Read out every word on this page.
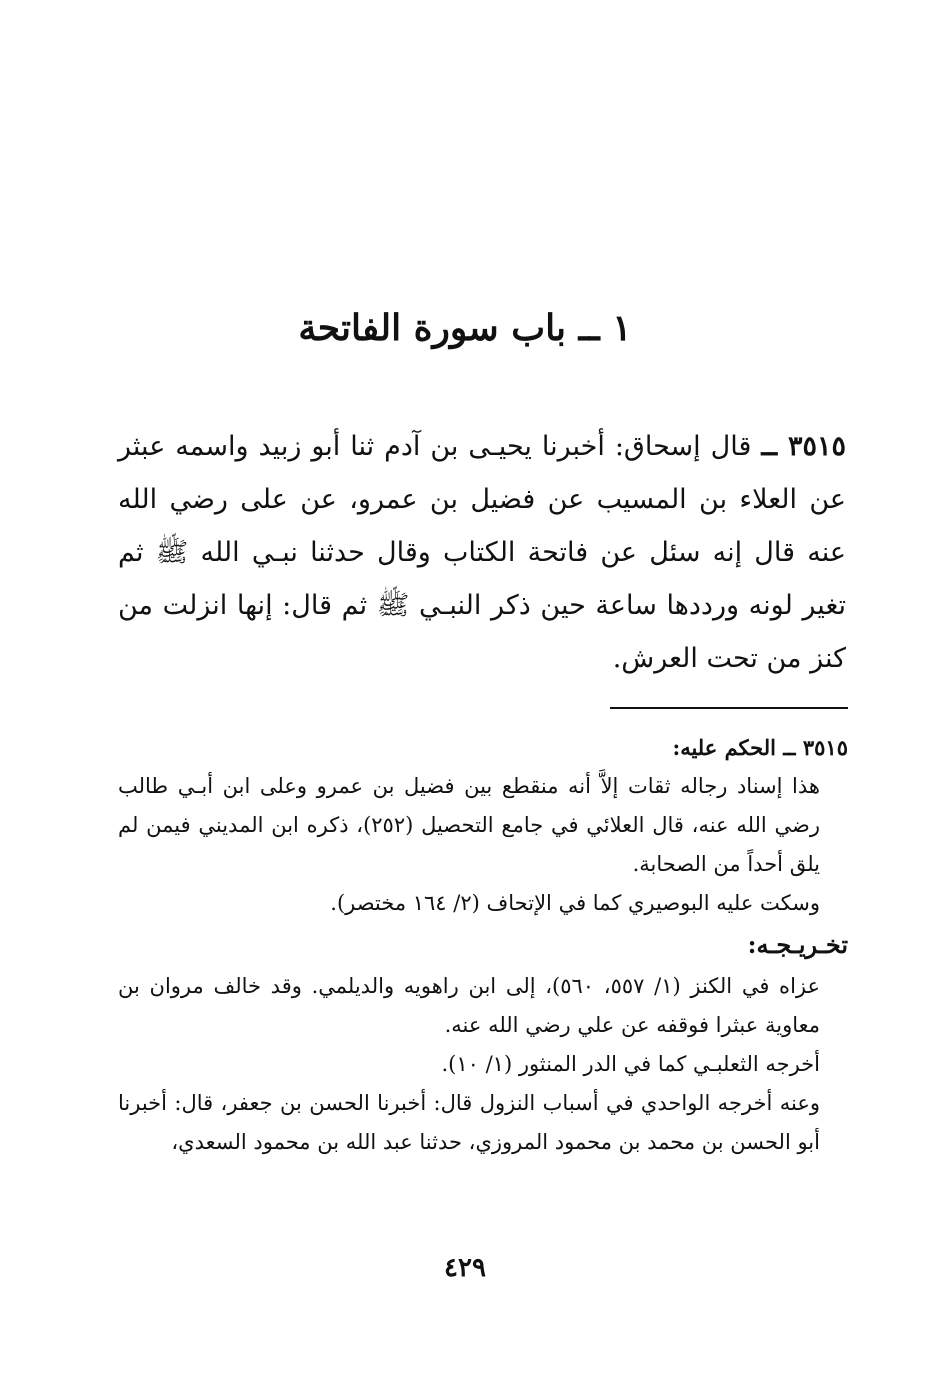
١ ــ باب سورة الفاتحة

٣٥١٥ ــ قال إسحاق: أخبرنا يحيـى بن آدم ثنا أبو زبيد واسمه عبثر عن العلاء بن المسيب عن فضيل بن عمرو، عن على رضي الله عنه قال إنه سئل عن فاتحة الكتاب وقال حدثنا نبـي الله ﷺ ثم تغير لونه ورددها ساعة حين ذكر النبـي ﷺ ثم قال: إنها انزلت من كنز من تحت العرش.

٣٥١٥ ــ الحكم عليه:

هذا إسناد رجاله ثقات إلاَّ أنه منقطع بين فضيل بن عمرو وعلى ابن أبـي طالب رضي الله عنه، قال العلائي في جامع التحصيل (٢٥٢)، ذكره ابن المديني فيمن لم يلق أحداً من الصحابة.

وسكت عليه البوصيري كما في الإتحاف (٢/ ١٦٤ مختصر).

تخـريـجـه:

عزاه في الكنز (١/ ٥٥٧، ٥٦٠)، إلى ابن راهويه والديلمي. وقد خالف مروان بن معاوية عبثرا فوقفه عن علي رضي الله عنه.

أخرجه الثعلبـي كما في الدر المنثور (١/ ١٠).

وعنه أخرجه الواحدي في أسباب النزول قال: أخبرنا الحسن بن جعفر، قال: أخبرنا أبو الحسن بن محمد بن محمود المروزي، حدثنا عبد الله بن محمود السعدي،

٤٢٩
